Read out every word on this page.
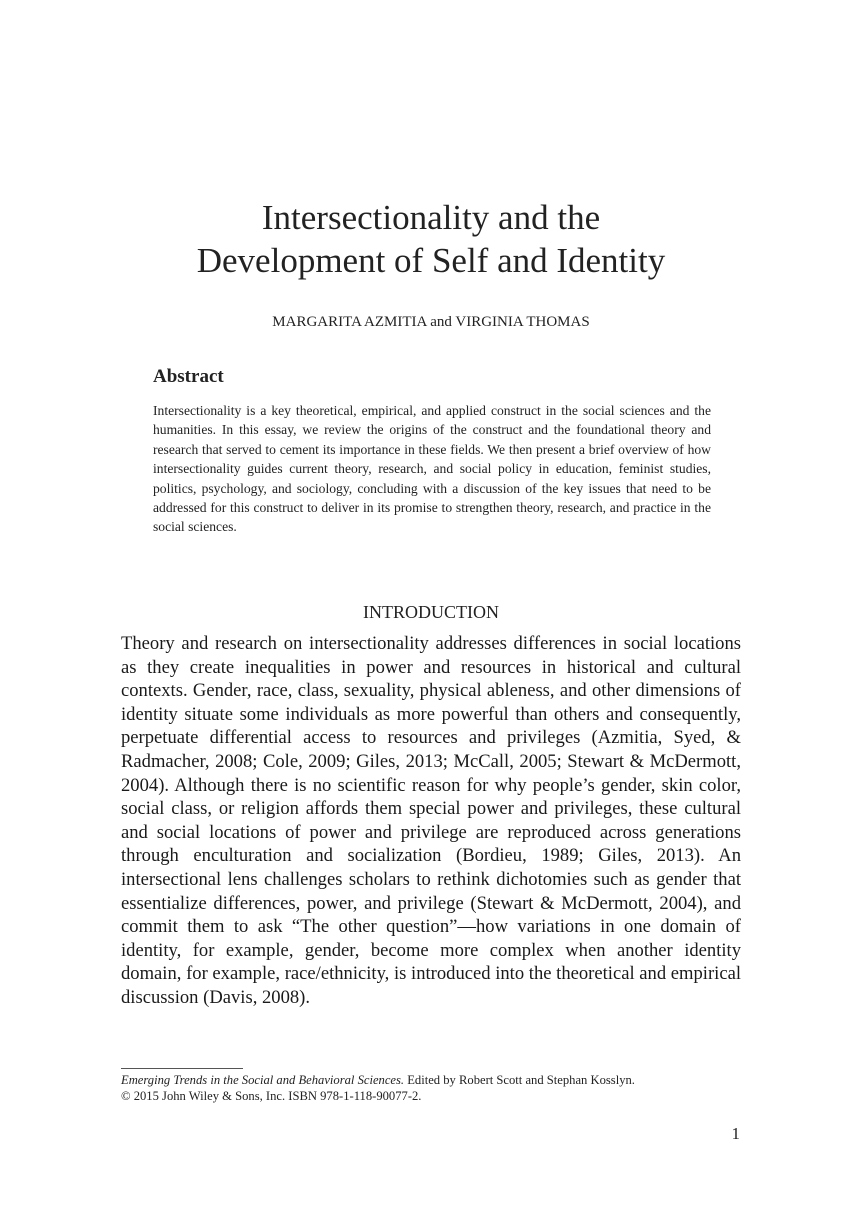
Intersectionality and the
Development of Self and Identity
MARGARITA AZMITIA and VIRGINIA THOMAS
Abstract

Intersectionality is a key theoretical, empirical, and applied construct in the social sciences and the humanities. In this essay, we review the origins of the construct and the foundational theory and research that served to cement its importance in these fields. We then present a brief overview of how intersectionality guides current theory, research, and social policy in education, feminist studies, politics, psychology, and sociology, concluding with a discussion of the key issues that need to be addressed for this construct to deliver in its promise to strengthen theory, research, and practice in the social sciences.

INTRODUCTION

Theory and research on intersectionality addresses differences in social locations as they create inequalities in power and resources in historical and cultural contexts. Gender, race, class, sexuality, physical ableness, and other dimensions of identity situate some individuals as more powerful than others and consequently, perpetuate differential access to resources and privileges (Azmitia, Syed, & Radmacher, 2008; Cole, 2009; Giles, 2013; McCall, 2005; Stewart & McDermott, 2004). Although there is no scientific reason for why people’s gender, skin color, social class, or religion affords them special power and privileges, these cultural and social locations of power and privilege are reproduced across generations through enculturation and socialization (Bordieu, 1989; Giles, 2013). An intersectional lens challenges scholars to rethink dichotomies such as gender that essentialize differences, power, and privilege (Stewart & McDermott, 2004), and commit them to ask “The other question”—how variations in one domain of identity, for example, gender, become more complex when another identity domain, for example, race/ethnicity, is introduced into the theoretical and empirical discussion (Davis, 2008).

Emerging Trends in the Social and Behavioral Sciences. Edited by Robert Scott and Stephan Kosslyn.
© 2015 John Wiley & Sons, Inc. ISBN 978-1-118-90077-2.
1
